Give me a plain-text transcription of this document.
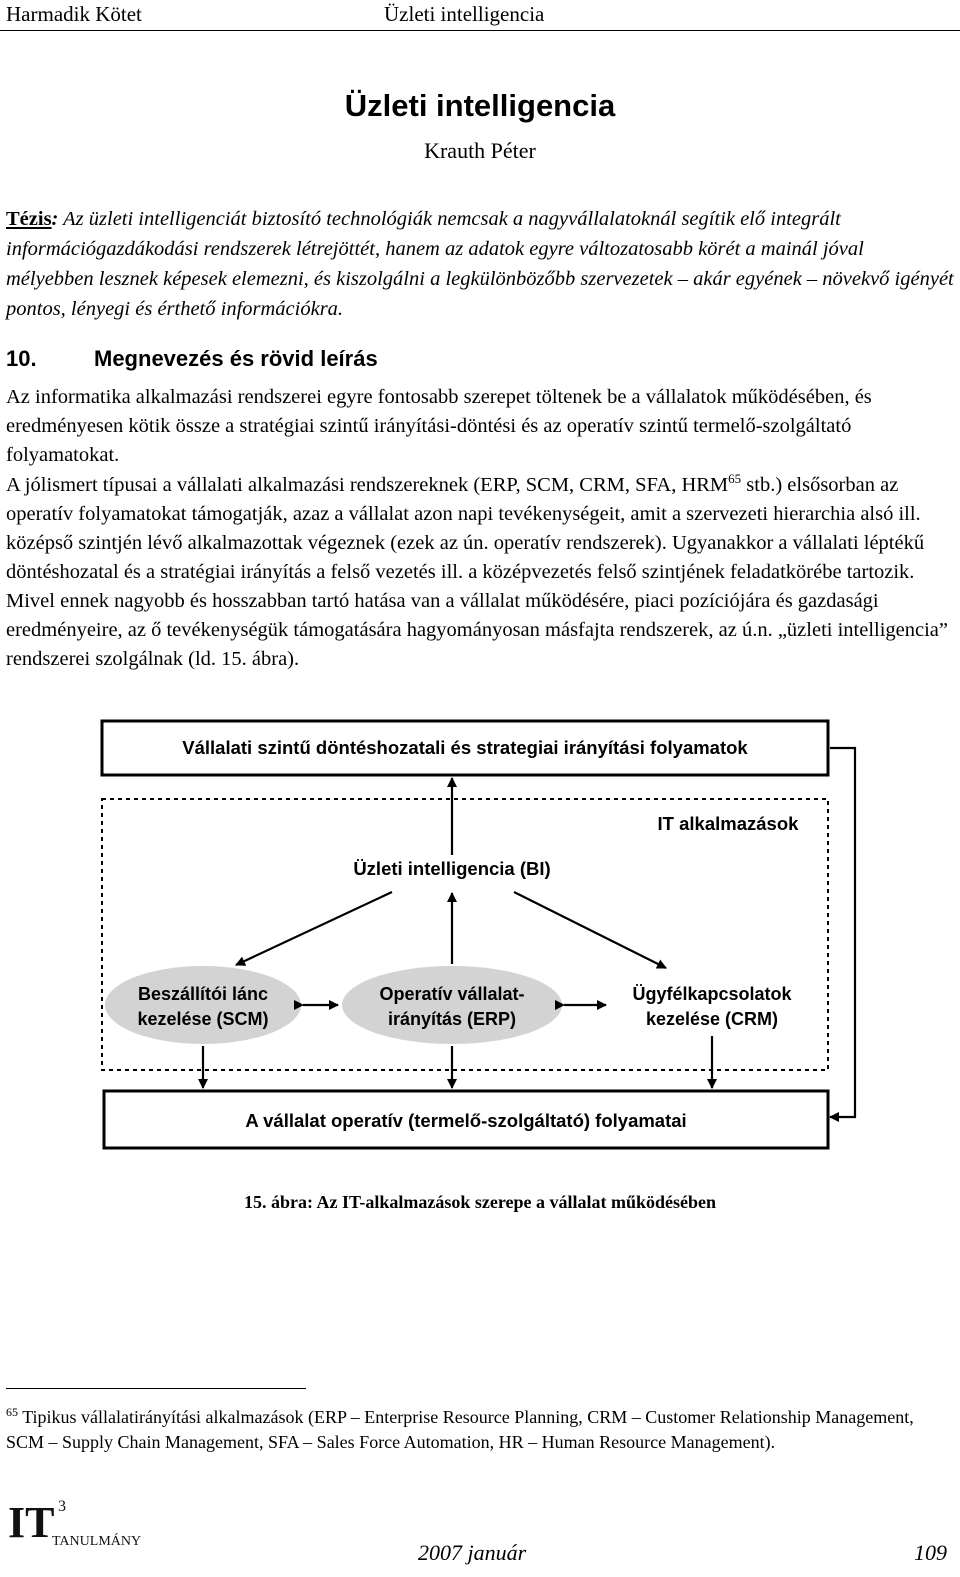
Harmadik Kötet	Üzleti intelligencia
Üzleti intelligencia
Krauth Péter
Tézis: Az üzleti intelligenciát biztosító technológiák nemcsak a nagyvállalatoknál segítik elő integrált információgazdákodási rendszerek létrejöttét, hanem az adatok egyre változatosabb körét a mainál jóval mélyebben lesznek képesek elemezni, és kiszolgálni a legkülönbözőbb szervezetek – akár egyének – növekvő igényét pontos, lényegi és érthető információkra.
10.	Megnevezés és rövid leírás
Az informatika alkalmazási rendszerei egyre fontosabb szerepet töltenek be a vállalatok működésében, és eredményesen kötik össze a stratégiai szintű irányítási-döntési és az operatív szintű termelő-szolgáltató folyamatokat.
A jólismert típusai a vállalati alkalmazási rendszereknek (ERP, SCM, CRM, SFA, HRM$^{65}$ stb.) elsősorban az operatív folyamatokat támogatják, azaz a vállalat azon napi tevékenységeit, amit a szervezeti hierarchia alsó ill. középső szintjén lévő alkalmazottak végeznek (ezek az ún. operatív rendszerek). Ugyanakkor a vállalati léptékű döntéshozatal és a stratégiai irányítás a felső vezetés ill. a középvezetés felső szintjének feladatkörébe tartozik. Mivel ennek nagyobb és hosszabban tartó hatása van a vállalat működésére, piaci pozíciójára és gazdasági eredményeire, az ő tevékenységük támogatására hagyományosan másfajta rendszerek, az ú.n. „üzleti intelligencia” rendszerei szolgálnak (ld. 15. ábra).
Vállalati szintű döntéshozatali és strategiai irányítási folyamatok
IT alkalmazások
Üzleti intelligencia (BI)
Beszállítói lánc
kezelése (SCM)
Operatív vállalat-
irányítás (ERP)
Ügyfélkapcsolatok
kezelése (CRM)
A vállalat operatív (termelő-szolgáltató) folyamatai
15. ábra: Az IT-alkalmazások szerepe a vállalat működésében
$^{65}$ Tipikus vállalatirányítási alkalmazások (ERP – Enterprise Resource Planning, CRM – Customer Relationship Management, SCM – Supply Chain Management, SFA – Sales Force Automation, HR – Human Resource Management).
IT 3
TANULMÁNY	2007 január	109
